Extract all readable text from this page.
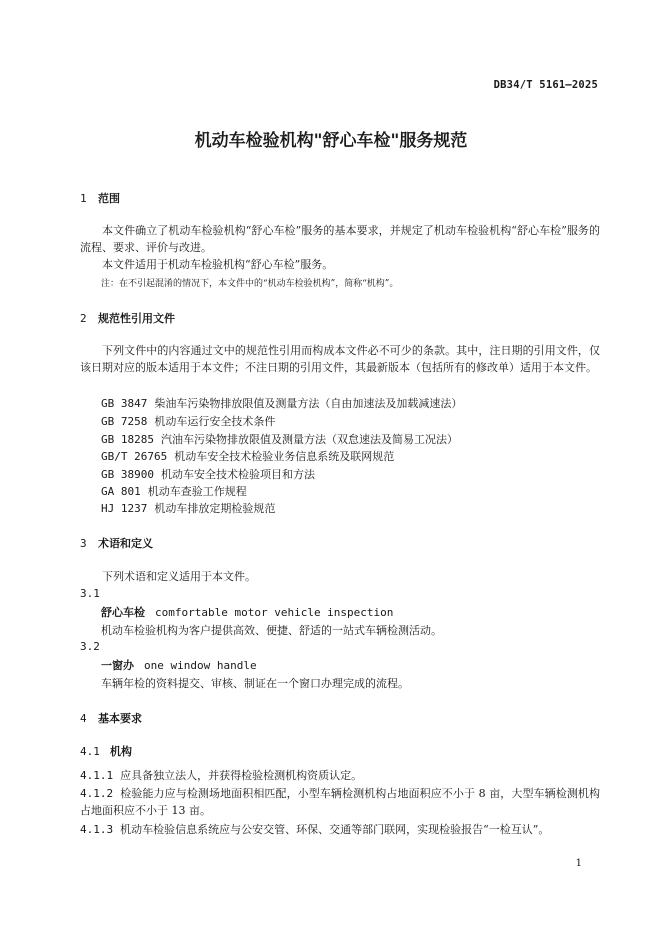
DB34/T 5161—2025
机动车检验机构"舒心车检"服务规范
1 范围
本文件确立了机动车检验机构“舒心车检”服务的基本要求，并规定了机动车检验机构“舒心车检”服务的流程、要求、评价与改进。
本文件适用于机动车检验机构“舒心车检”服务。
注：在不引起混淆的情况下，本文件中的“机动车检验机构”，简称“机构”。
2 规范性引用文件
下列文件中的内容通过文中的规范性引用而构成本文件必不可少的条款。其中，注日期的引用文件，仅该日期对应的版本适用于本文件；不注日期的引用文件，其最新版本（包括所有的修改单）适用于本文件。
GB 3847 柴油车污染物排放限值及测量方法（自由加速法及加载减速法）
GB 7258 机动车运行安全技术条件
GB 18285 汽油车污染物排放限值及测量方法（双怠速法及简易工况法）
GB/T 26765 机动车安全技术检验业务信息系统及联网规范
GB 38900 机动车安全技术检验项目和方法
GA 801 机动车查验工作规程
HJ 1237 机动车排放定期检验规范
3 术语和定义
下列术语和定义适用于本文件。
3.1
舒心车检 comfortable motor vehicle inspection
机动车检验机构为客户提供高效、便捷、舒适的一站式车辆检测活动。
3.2
一窗办 one window handle
车辆年检的资料提交、审核、制证在一个窗口办理完成的流程。
4 基本要求
4.1 机构
4.1.1 应具备独立法人，并获得检验检测机构资质认定。
4.1.2 检验能力应与检测场地面积相匹配，小型车辆检测机构占地面积应不小于 8 亩，大型车辆检测机构占地面积应不小于 13 亩。
4.1.3 机动车检验信息系统应与公安交管、环保、交通等部门联网，实现检验报告“一检互认”。
1
